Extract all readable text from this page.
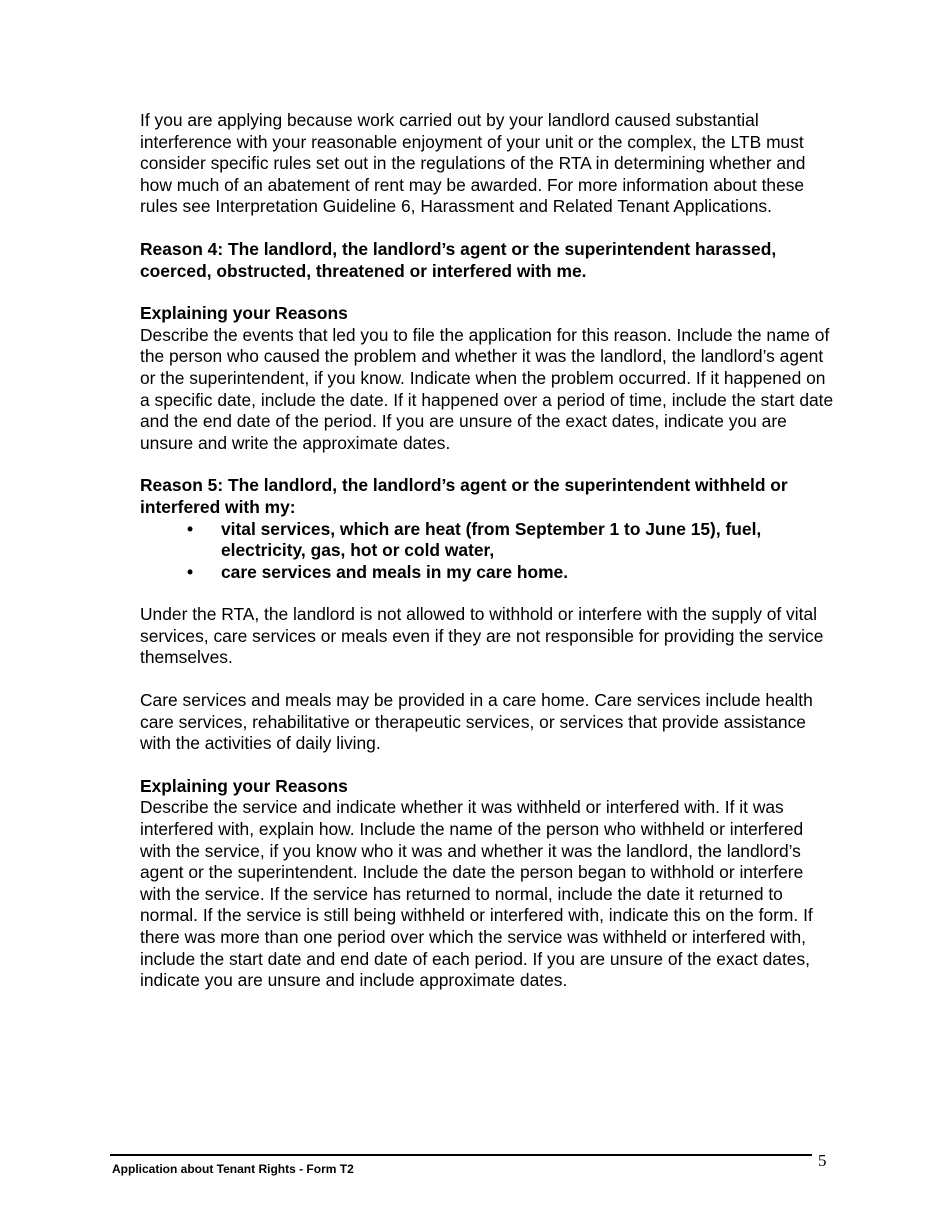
If you are applying because work carried out by your landlord caused substantial interference with your reasonable enjoyment of your unit or the complex, the LTB must consider specific rules set out in the regulations of the RTA in determining whether and how much of an abatement of rent may be awarded. For more information about these rules see Interpretation Guideline 6, Harassment and Related Tenant Applications.

Reason 4: The landlord, the landlord’s agent or the superintendent harassed, coerced, obstructed, threatened or interfered with me.

Explaining your Reasons

Describe the events that led you to file the application for this reason. Include the name of the person who caused the problem and whether it was the landlord, the landlord’s agent or the superintendent, if you know. Indicate when the problem occurred. If it happened on a specific date, include the date. If it happened over a period of time, include the start date and the end date of the period. If you are unsure of the exact dates, indicate you are unsure and write the approximate dates.

Reason 5: The landlord, the landlord’s agent or the superintendent withheld or interfered with my:

• vital services, which are heat (from September 1 to June 15), fuel, electricity, gas, hot or cold water,
• care services and meals in my care home.

Under the RTA, the landlord is not allowed to withhold or interfere with the supply of vital services, care services or meals even if they are not responsible for providing the service themselves.

Care services and meals may be provided in a care home. Care services include health care services, rehabilitative or therapeutic services, or services that provide assistance with the activities of daily living.

Explaining your Reasons

Describe the service and indicate whether it was withheld or interfered with. If it was interfered with, explain how. Include the name of the person who withheld or interfered with the service, if you know who it was and whether it was the landlord, the landlord’s agent or the superintendent. Include the date the person began to withhold or interfere with the service. If the service has returned to normal, include the date it returned to normal. If the service is still being withheld or interfered with, indicate this on the form. If there was more than one period over which the service was withheld or interfered with, include the start date and end date of each period. If you are unsure of the exact dates, indicate you are unsure and include approximate dates.

Application about Tenant Rights - Form T2	5
